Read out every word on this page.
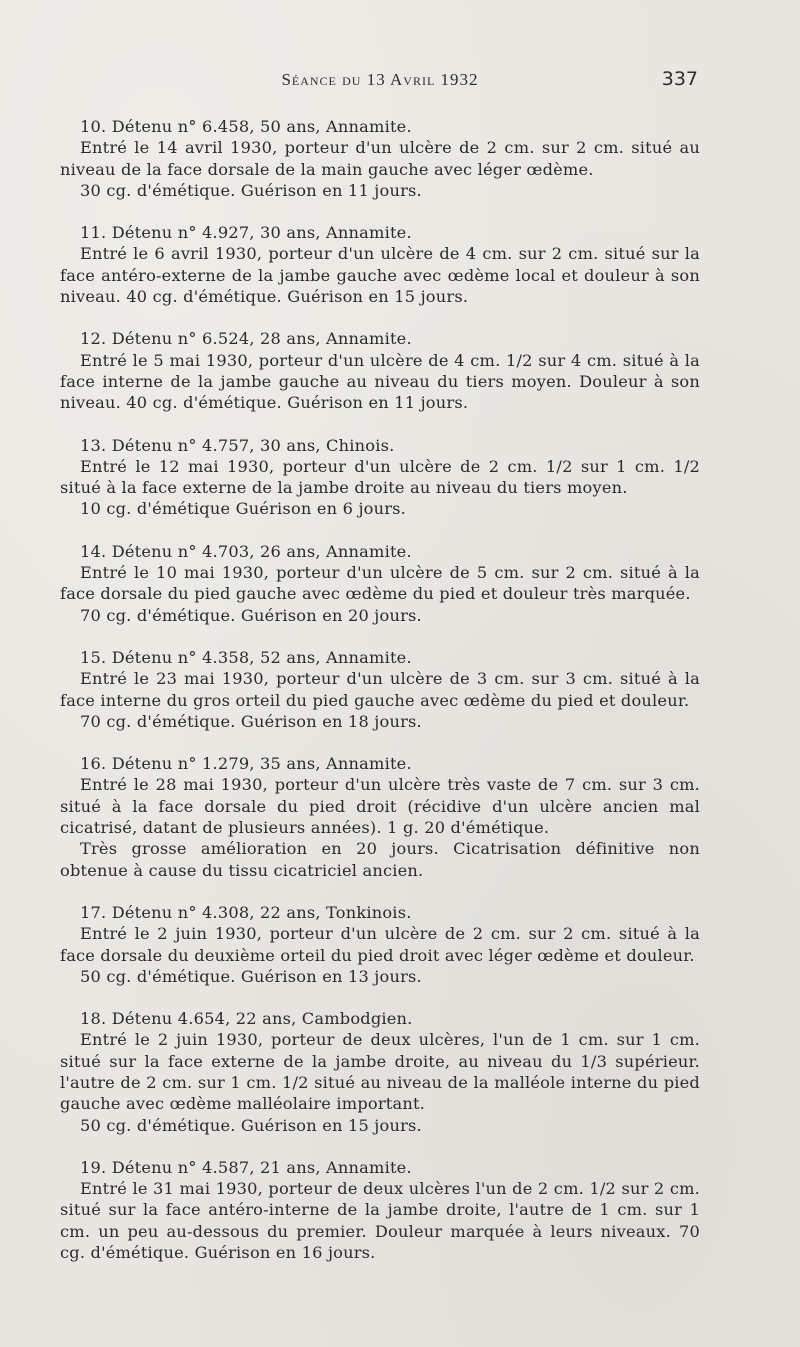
Séance du 13 Avril 1932	337

10. Détenu n° 6.458, 50 ans, Annamite.

Entré le 14 avril 1930, porteur d'un ulcère de 2 cm. sur 2 cm. situé au niveau de la face dorsale de la main gauche avec léger œdème.

30 cg. d'émétique. Guérison en 11 jours.

11. Détenu n° 4.927, 30 ans, Annamite.

Entré le 6 avril 1930, porteur d'un ulcère de 4 cm. sur 2 cm. situé sur la face antéro-externe de la jambe gauche avec œdème local et douleur à son niveau. 40 cg. d'émétique. Guérison en 15 jours.

12. Détenu n° 6.524, 28 ans, Annamite.

Entré le 5 mai 1930, porteur d'un ulcère de 4 cm. 1/2 sur 4 cm. situé à la face interne de la jambe gauche au niveau du tiers moyen. Douleur à son niveau. 40 cg. d'émétique. Guérison en 11 jours.

13. Détenu n° 4.757, 30 ans, Chinois.

Entré le 12 mai 1930, porteur d'un ulcère de 2 cm. 1/2 sur 1 cm. 1/2 situé à la face externe de la jambe droite au niveau du tiers moyen.

10 cg. d'émétique Guérison en 6 jours.

14. Détenu n° 4.703, 26 ans, Annamite.

Entré le 10 mai 1930, porteur d'un ulcère de 5 cm. sur 2 cm. situé à la face dorsale du pied gauche avec œdème du pied et douleur très marquée.

70 cg. d'émétique. Guérison en 20 jours.

15. Détenu n° 4.358, 52 ans, Annamite.

Entré le 23 mai 1930, porteur d'un ulcère de 3 cm. sur 3 cm. situé à la face interne du gros orteil du pied gauche avec œdème du pied et douleur.

70 cg. d'émétique. Guérison en 18 jours.

16. Détenu n° 1.279, 35 ans, Annamite.

Entré le 28 mai 1930, porteur d'un ulcère très vaste de 7 cm. sur 3 cm. situé à la face dorsale du pied droit (récidive d'un ulcère ancien mal cicatrisé, datant de plusieurs années). 1 g. 20 d'émétique.

Très grosse amélioration en 20 jours. Cicatrisation définitive non obtenue à cause du tissu cicatriciel ancien.

17. Détenu n° 4.308, 22 ans, Tonkinois.

Entré le 2 juin 1930, porteur d'un ulcère de 2 cm. sur 2 cm. situé à la face dorsale du deuxième orteil du pied droit avec léger œdème et douleur.

50 cg. d'émétique. Guérison en 13 jours.

18. Détenu 4.654, 22 ans, Cambodgien.

Entré le 2 juin 1930, porteur de deux ulcères, l'un de 1 cm. sur 1 cm. situé sur la face externe de la jambe droite, au niveau du 1/3 supérieur. l'autre de 2 cm. sur 1 cm. 1/2 situé au niveau de la malléole interne du pied gauche avec œdème malléolaire important.

50 cg. d'émétique. Guérison en 15 jours.

19. Détenu n° 4.587, 21 ans, Annamite.

Entré le 31 mai 1930, porteur de deux ulcères l'un de 2 cm. 1/2 sur 2 cm. situé sur la face antéro-interne de la jambe droite, l'autre de 1 cm. sur 1 cm. un peu au-dessous du premier. Douleur marquée à leurs niveaux. 70 cg. d'émétique. Guérison en 16 jours.
